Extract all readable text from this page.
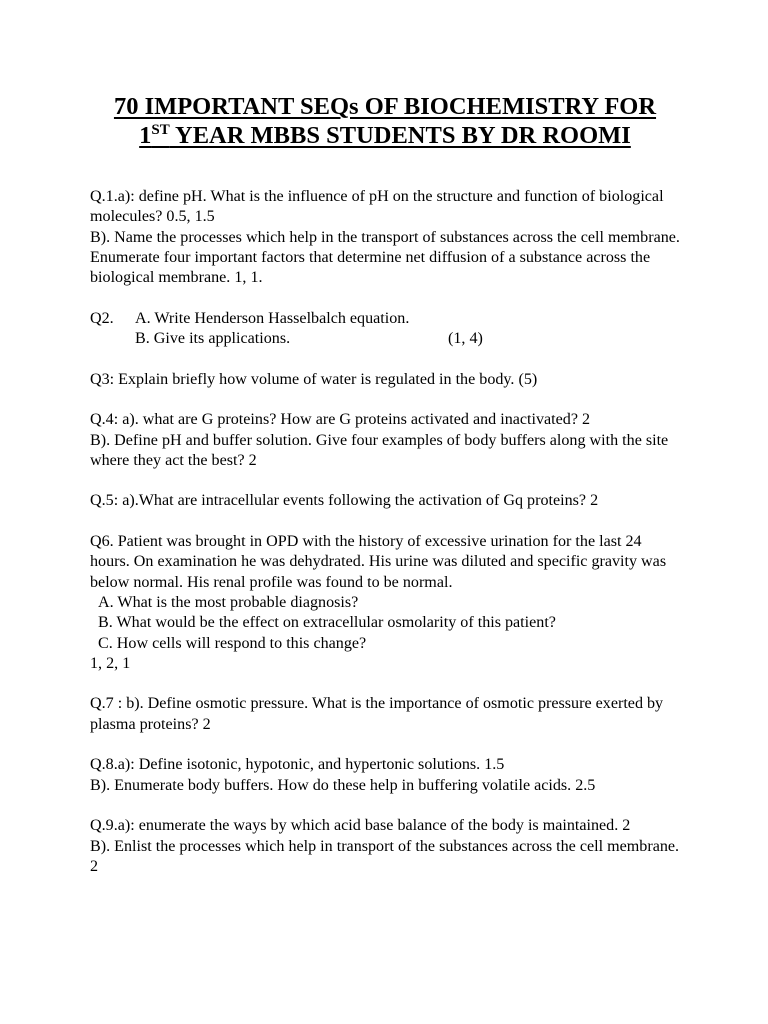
70 IMPORTANT SEQs OF BIOCHEMISTRY FOR
1ST YEAR MBBS STUDENTS BY DR ROOMI

Q.1.a): define pH. What is the influence of pH on the structure and function of biological molecules? 0.5, 1.5

B). Name the processes which help in the transport of substances across the cell membrane. Enumerate four important factors that determine net diffusion of a substance across the biological membrane. 1, 1.

Q2. A. Write Henderson Hasselbalch equation.

B. Give its applications.	(1, 4)

Q3: Explain briefly how volume of water is regulated in the body. (5)

Q.4: a). what are G proteins? How are G proteins activated and inactivated? 2

B). Define pH and buffer solution. Give four examples of body buffers along with the site where they act the best? 2

Q.5: a).What are intracellular events following the activation of Gq proteins? 2

Q6. Patient was brought in OPD with the history of excessive urination for the last 24 hours. On examination he was dehydrated. His urine was diluted and specific gravity was below normal. His renal profile was found to be normal.

A. What is the most probable diagnosis?

B. What would be the effect on extracellular osmolarity of this patient?

C. How cells will respond to this change?

1, 2, 1

Q.7 : b). Define osmotic pressure. What is the importance of osmotic pressure exerted by plasma proteins? 2

Q.8.a): Define isotonic, hypotonic, and hypertonic solutions. 1.5

B). Enumerate body buffers. How do these help in buffering volatile acids. 2.5

Q.9.a): enumerate the ways by which acid base balance of the body is maintained. 2

B). Enlist the processes which help in transport of the substances across the cell membrane. 2
